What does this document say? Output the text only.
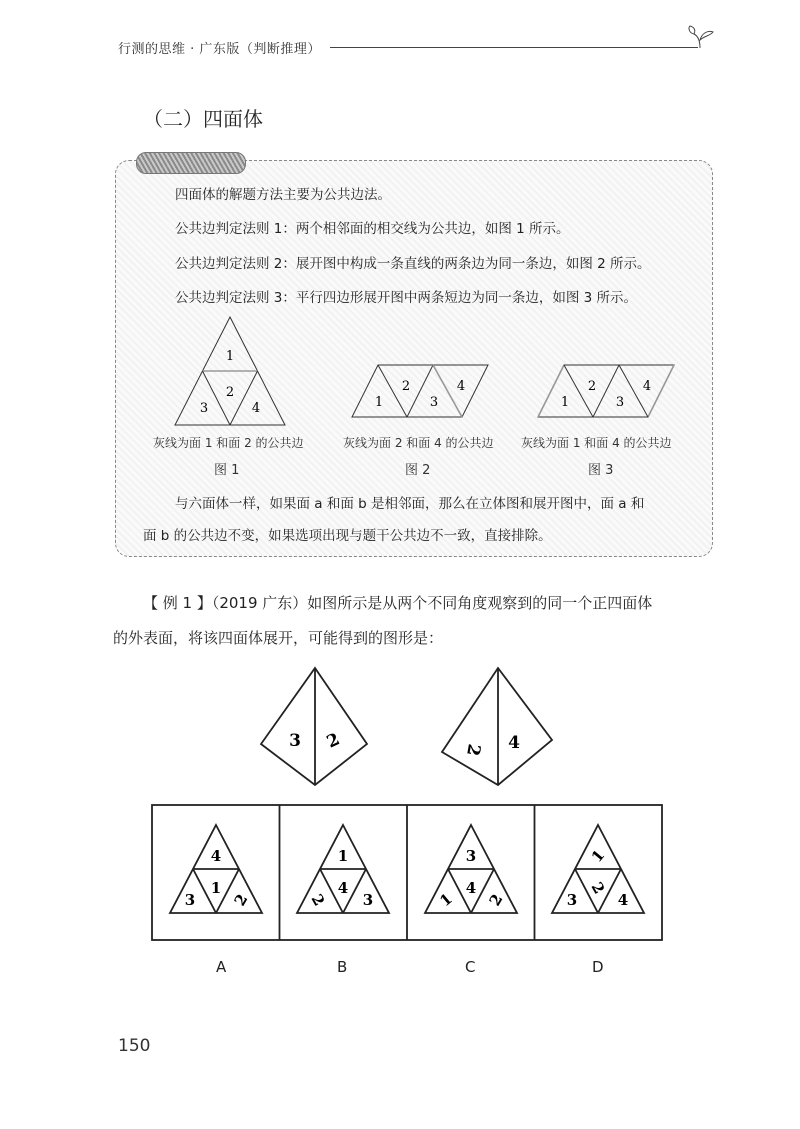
行测的思维 · 广东版（判断推理）
（二）四面体
四面体的解题方法主要为公共边法。
公共边判定法则 1：两个相邻面的相交线为公共边，如图 1 所示。
公共边判定法则 2：展开图中构成一条直线的两条边为同一条边，如图 2 所示。
公共边判定法则 3：平行四边形展开图中两条短边为同一条边，如图 3 所示。
1
2
3	4
灰线为面 1 和面 2 的公共边
图 1
1
2
3
4
灰线为面 2 和面 4 的公共边
图 2
1
2
3
4
灰线为面 1 和面 4 的公共边
图 3
与六面体一样，如果面 a 和面 b 是相邻面，那么在立体图和展开图中，面 a 和
面 b 的公共边不变，如果选项出现与题干公共边不一致，直接排除。
【 例 1 】（2019 广东）如图所示是从两个不同角度观察到的同一个正四面体
的外表面，将该四面体展开，可能得到的图形是：
3 2	2 4
4
1
3 2
1
4
2 3
3
4
1 2
1
2
3	4
A	B	C	D
150
